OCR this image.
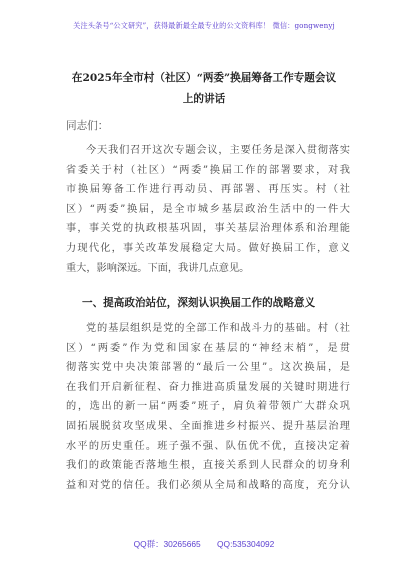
关注头条号“公文研究”，获得最新最全最专业的公文资料库！ 微信：gongwenyj
在2025年全市村（社区）“两委”换届筹备工作专题会议
上的讲话
同志们：
今天我们召开这次专题会议，主要任务是深入贯彻落实
省委关于村（社区）“两委”换届工作的部署要求，对我
市换届筹备工作进行再动员、再部署、再压实。村（社
区）“两委”换届，是全市城乡基层政治生活中的一件大
事，事关党的执政根基巩固，事关基层治理体系和治理能
力现代化，事关改革发展稳定大局。做好换届工作，意义
重大，影响深远。下面，我讲几点意见。
一、提高政治站位，深刻认识换届工作的战略意义
党的基层组织是党的全部工作和战斗力的基础。村（社
区）“两委”作为党和国家在基层的“神经末梢”，是贯
彻落实党中央决策部署的“最后一公里”。这次换届，是
在我们开启新征程、奋力推进高质量发展的关键时期进行
的，选出的新一届“两委”班子，肩负着带领广大群众巩
固拓展脱贫攻坚成果、全面推进乡村振兴、提升基层治理
水平的历史重任。班子强不强、队伍优不优，直接决定着
我们的政策能否落地生根，直接关系到人民群众的切身利
益和对党的信任。我们必须从全局和战略的高度，充分认
QQ群：30265665 QQ:535304092
